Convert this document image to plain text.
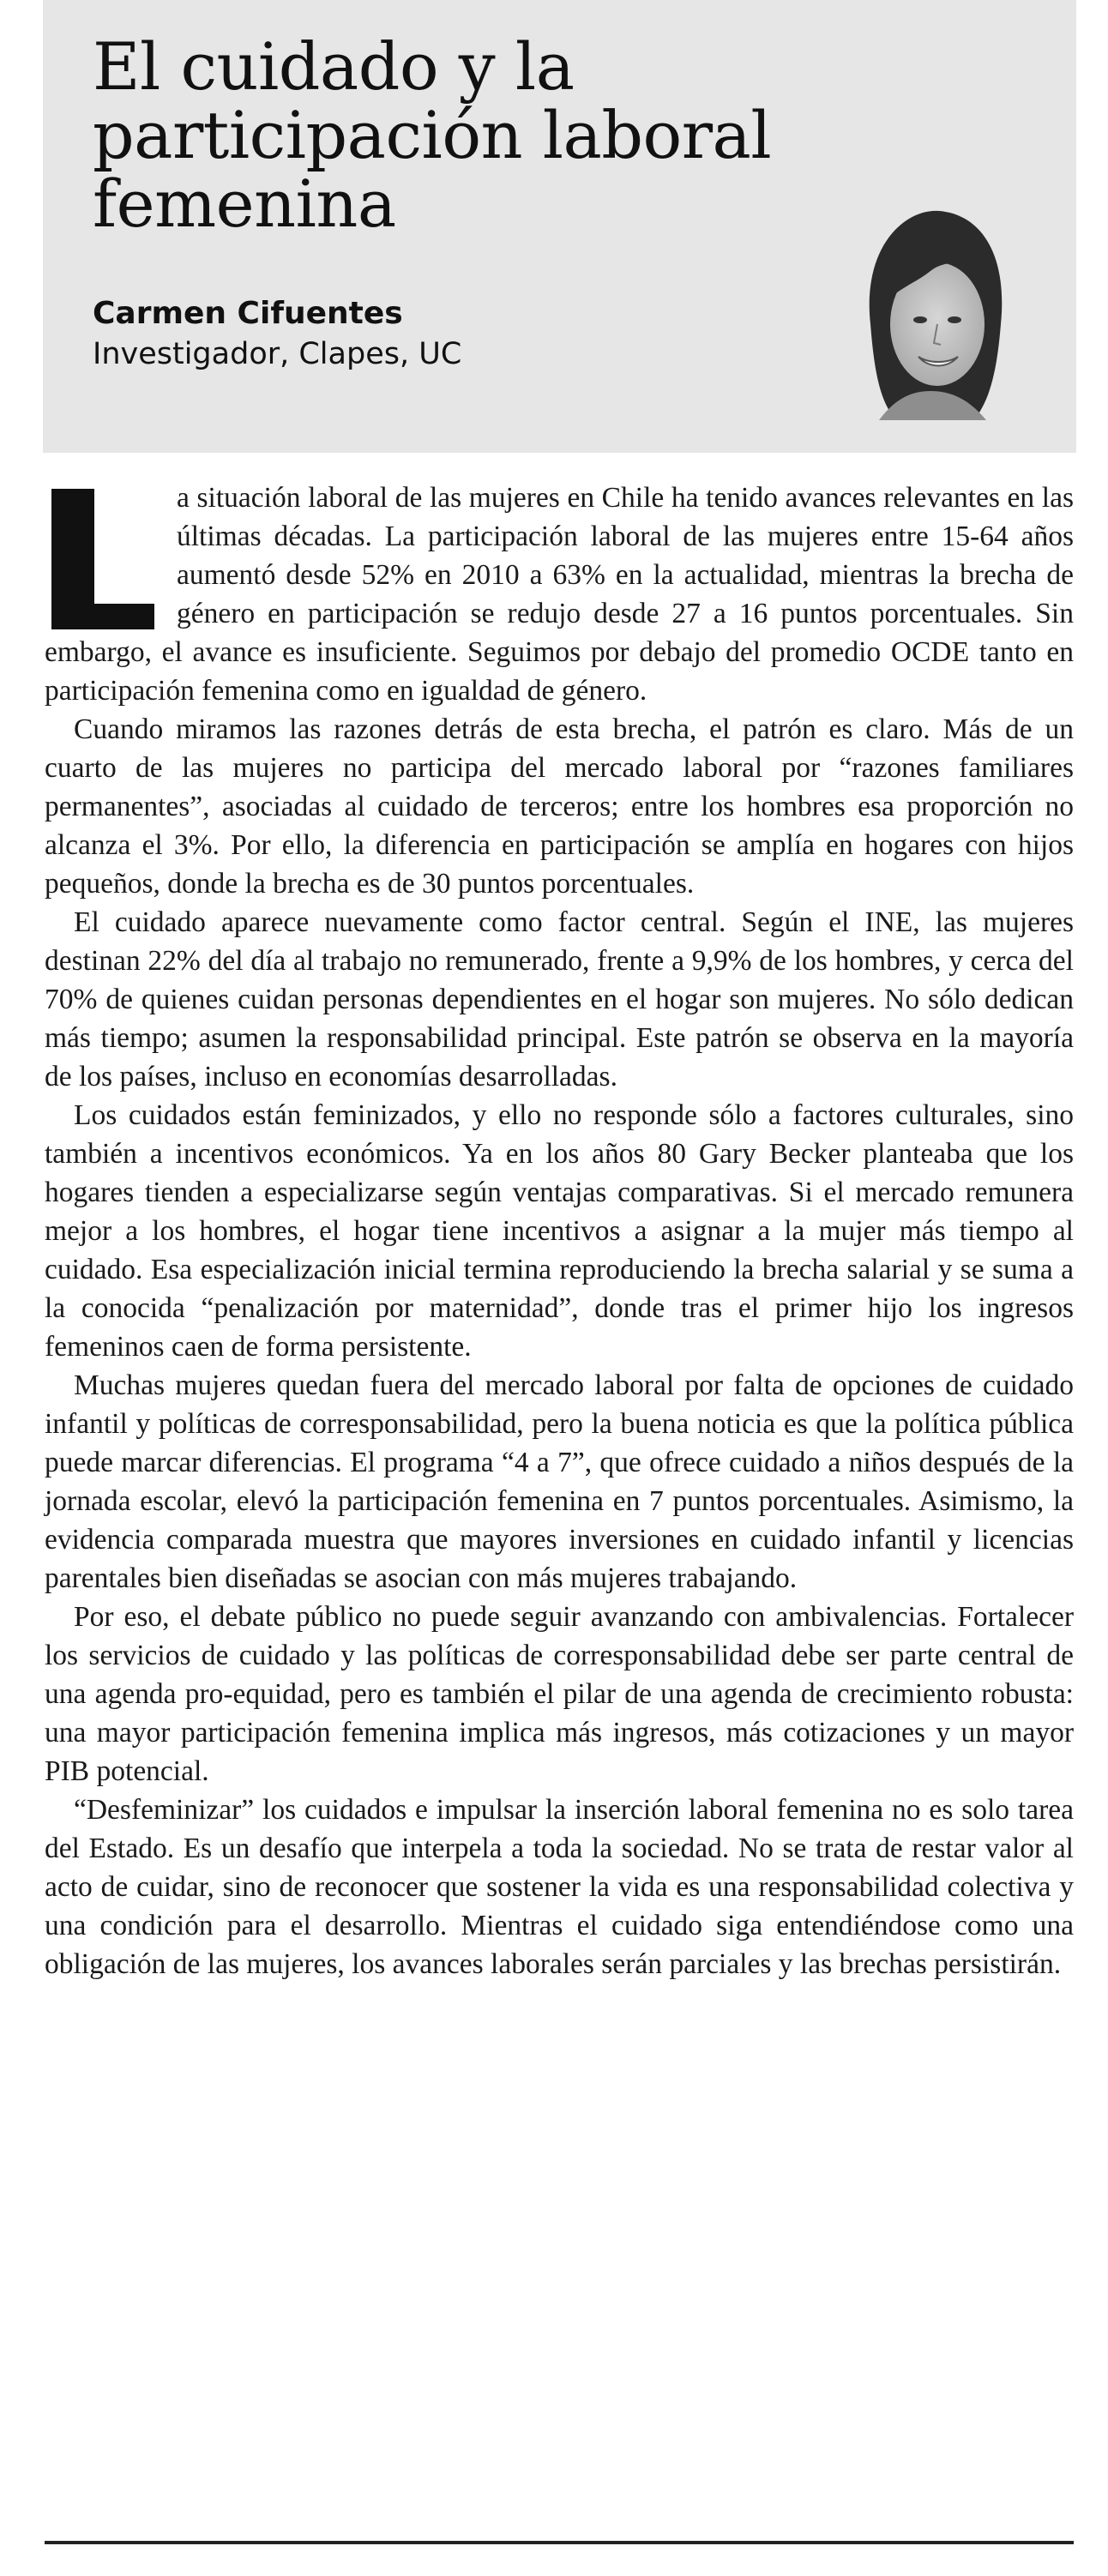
El cuidado y la participación laboral femenina
Carmen Cifuentes
Investigador, Clapes, UC

a situación laboral de las mujeres en Chile ha tenido avances relevantes en las últimas décadas. La participación laboral de las mujeres entre 15-64 años aumentó desde 52% en 2010 a 63% en la actualidad, mientras la brecha de género en participación se redujo desde 27 a 16 puntos porcentuales. Sin embargo, el avance es insuficiente. Seguimos por debajo del promedio OCDE tanto en participación femenina como en igualdad de género.

Cuando miramos las razones detrás de esta brecha, el patrón es claro. Más de un cuarto de las mujeres no participa del mercado laboral por “razones familiares permanentes”, asociadas al cuidado de terceros; entre los hombres esa proporción no alcanza el 3%. Por ello, la diferencia en participación se amplía en hogares con hijos pequeños, donde la brecha es de 30 puntos porcentuales.

El cuidado aparece nuevamente como factor central. Según el INE, las mujeres destinan 22% del día al trabajo no remunerado, frente a 9,9% de los hombres, y cerca del 70% de quienes cuidan personas dependientes en el hogar son mujeres. No sólo dedican más tiempo; asumen la responsabilidad principal. Este patrón se observa en la mayoría de los países, incluso en economías desarrolladas.

Los cuidados están feminizados, y ello no responde sólo a factores culturales, sino también a incentivos económicos. Ya en los años 80 Gary Becker planteaba que los hogares tienden a especializarse según ventajas comparativas. Si el mercado remunera mejor a los hombres, el hogar tiene incentivos a asignar a la mujer más tiempo al cuidado. Esa especialización inicial termina reproduciendo la brecha salarial y se suma a la conocida “penalización por maternidad”, donde tras el primer hijo los ingresos femeninos caen de forma persistente.

Muchas mujeres quedan fuera del mercado laboral por falta de opciones de cuidado infantil y políticas de corresponsabilidad, pero la buena noticia es que la política pública puede marcar diferencias. El programa “4 a 7”, que ofrece cuidado a niños después de la jornada escolar, elevó la participación femenina en 7 puntos porcentuales. Asimismo, la evidencia comparada muestra que mayores inversiones en cuidado infantil y licencias parentales bien diseñadas se asocian con más mujeres trabajando.

Por eso, el debate público no puede seguir avanzando con ambivalencias. Fortalecer los servicios de cuidado y las políticas de corresponsabilidad debe ser parte central de una agenda pro-equidad, pero es también el pilar de una agenda de crecimiento robusta: una mayor participación femenina implica más ingresos, más cotizaciones y un mayor PIB potencial.

“Desfeminizar” los cuidados e impulsar la inserción laboral femenina no es solo tarea del Estado. Es un desafío que interpela a toda la sociedad. No se trata de restar valor al acto de cuidar, sino de reconocer que sostener la vida es una responsabilidad colectiva y una condición para el desarrollo. Mientras el cuidado siga entendiéndose como una obligación de las mujeres, los avances laborales serán parciales y las brechas persistirán.
